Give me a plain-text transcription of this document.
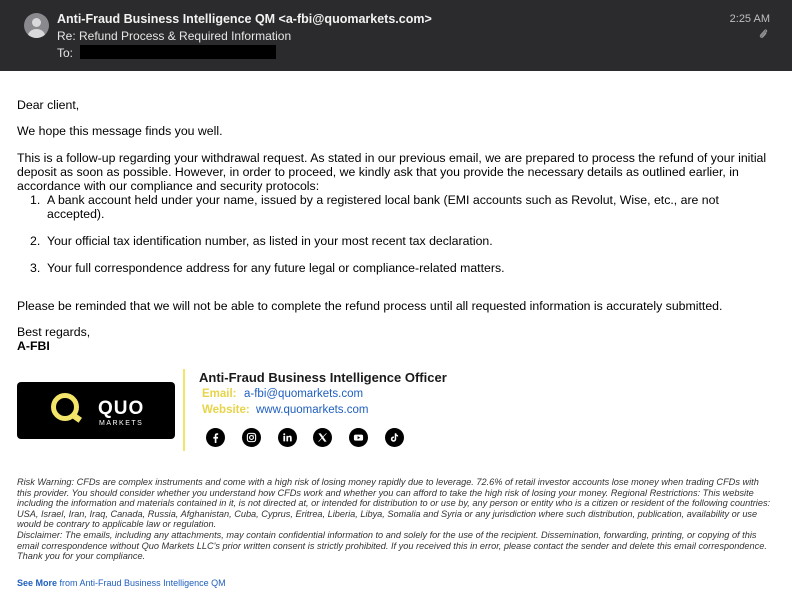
Anti-Fraud Business Intelligence QM <a-fbi@quomarkets.com>
Re: Refund Process & Required Information
To:
2:25 AM

Dear client,

We hope this message finds you well.

This is a follow-up regarding your withdrawal request. As stated in our previous email, we are prepared to process the refund of your initial deposit as soon as possible. However, in order to proceed, we kindly ask that you provide the necessary details as outlined earlier, in accordance with our compliance and security protocols:

1. A bank account held under your name, issued by a registered local bank (EMI accounts such as Revolut, Wise, etc., are not accepted).
2. Your official tax identification number, as listed in your most recent tax declaration.
3. Your full correspondence address for any future legal or compliance-related matters.

Please be reminded that we will not be able to complete the refund process until all requested information is accurately submitted.

Best regards,

A-FBI

QUO
MARKETS
Anti-Fraud Business Intelligence Officer
Email: a-fbi@quomarkets.com
Website: www.quomarkets.com

Risk Warning: CFDs are complex instruments and come with a high risk of losing money rapidly due to leverage. 72.6% of retail investor accounts lose money when trading CFDs with this provider. You should consider whether you understand how CFDs work and whether you can afford to take the high risk of losing your money. Regional Restrictions: This website including the information and materials contained in it, is not directed at, or intended for distribution to or use by, any person or entity who is a citizen or resident of the following countries: USA, Israel, Iran, Iraq, Canada, Russia, Afghanistan, Cuba, Cyprus, Eritrea, Liberia, Libya, Somalia and Syria or any jurisdiction where such distribution, publication, availability or use would be contrary to applicable law or regulation.

Disclaimer: The emails, including any attachments, may contain confidential information to and solely for the use of the recipient. Dissemination, forwarding, printing, or copying of this email correspondence without Quo Markets LLC's prior written consent is strictly prohibited. If you received this in error, please contact the sender and delete this email correspondence. Thank you for your compliance.

See More from Anti-Fraud Business Intelligence QM
